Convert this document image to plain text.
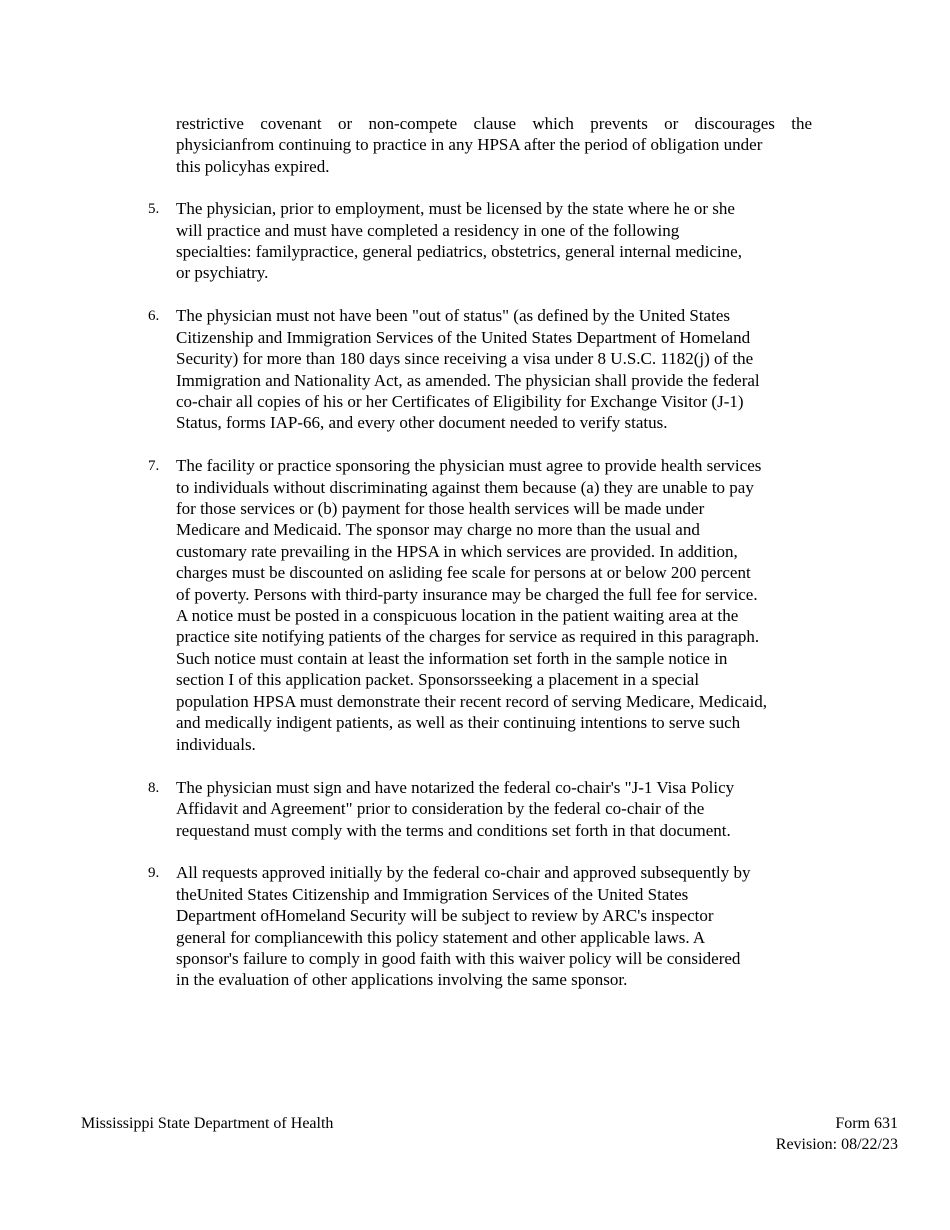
restrictive covenant or non-compete clause which prevents or discourages the
physicianfrom continuing to practice in any HPSA after the period of obligation under
this policyhas expired.
5. The physician, prior to employment, must be licensed by the state where he or she
will practice and must have completed a residency in one of the following
specialties: familypractice, general pediatrics, obstetrics, general internal medicine,
or psychiatry.
6. The physician must not have been "out of status" (as defined by the United States
Citizenship and Immigration Services of the United States Department of Homeland
Security) for more than 180 days since receiving a visa under 8 U.S.C. 1182(j) of the
Immigration and Nationality Act, as amended. The physician shall provide the federal
co-chair all copies of his or her Certificates of Eligibility for Exchange Visitor (J-1)
Status, forms IAP-66, and every other document needed to verify status.
7. The facility or practice sponsoring the physician must agree to provide health services
to individuals without discriminating against them because (a) they are unable to pay
for those services or (b) payment for those health services will be made under
Medicare and Medicaid. The sponsor may charge no more than the usual and
customary rate prevailing in the HPSA in which services are provided. In addition,
charges must be discounted on asliding fee scale for persons at or below 200 percent
of poverty. Persons with third-party insurance may be charged the full fee for service.
A notice must be posted in a conspicuous location in the patient waiting area at the
practice site notifying patients of the charges for service as required in this paragraph.
Such notice must contain at least the information set forth in the sample notice in
section I of this application packet. Sponsorsseeking a placement in a special
population HPSA must demonstrate their recent record of serving Medicare, Medicaid,
and medically indigent patients, as well as their continuing intentions to serve such
individuals.
8. The physician must sign and have notarized the federal co-chair's "J-1 Visa Policy
Affidavit and Agreement" prior to consideration by the federal co-chair of the
requestand must comply with the terms and conditions set forth in that document.
9. All requests approved initially by the federal co-chair and approved subsequently by
theUnited States Citizenship and Immigration Services of the United States
Department ofHomeland Security will be subject to review by ARC's inspector
general for compliancewith this policy statement and other applicable laws. A
sponsor's failure to comply in good faith with this waiver policy will be considered
in the evaluation of other applications involving the same sponsor.
Mississippi State Department of Health	Form 631
Revision: 08/22/23
